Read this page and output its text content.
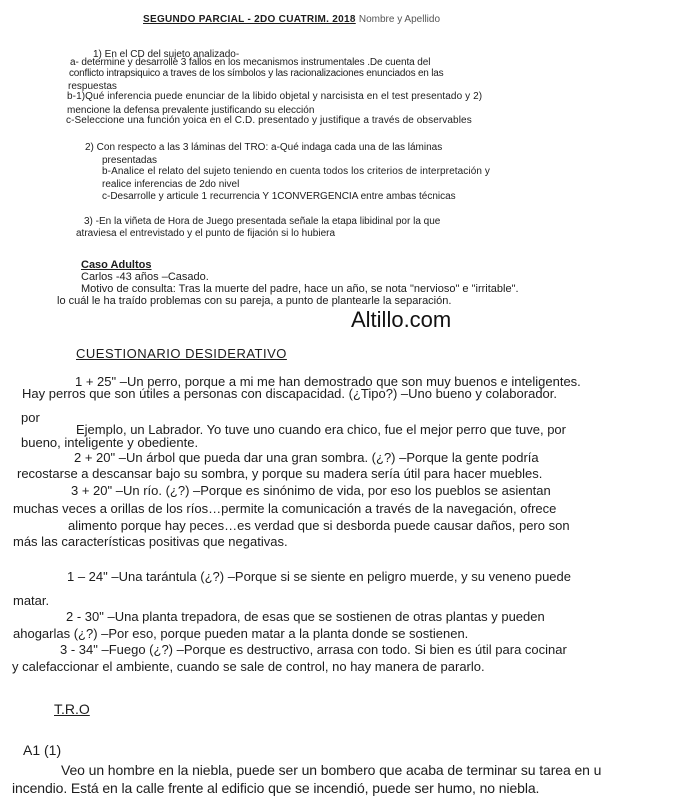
SEGUNDO PARCIAL - 2DO CUATRIM. 2018 Nombre y Apellido
1) En el CD del sujeto analizado-
a- determine y desarrolle 3 fallos en los mecanismos instrumentales .De cuenta del
conflicto intrapsiquico a traves de los símbolos y las racionalizaciones enunciados en las
respuestas
b-1)Qué inferencia puede enunciar de la libido objetal y narcisista en el test presentado y 2)
mencione la defensa prevalente justificando su elección
c-Seleccione una función yoica en el C.D. presentado y justifique a través de observables
2) Con respecto a las 3 láminas del TRO: a-Qué indaga cada una de las láminas
presentadas
b-Analice el relato del sujeto teniendo en cuenta todos los criterios de interpretación y
realice inferencias de 2do nivel
c-Desarrolle y articule 1 recurrencia Y 1CONVERGENCIA entre ambas técnicas
3) -En la viñeta de Hora de Juego presentada señale la etapa libidinal por la que
atraviesa el entrevistado y el punto de fijación si lo hubiera
Caso Adultos
Carlos -43 años –Casado.
Motivo de consulta: Tras la muerte del padre, hace un año, se nota "nervioso" e "irritable".
lo cuál le ha traído problemas con su pareja, a punto de plantearle la separación.
Altillo.com
CUESTIONARIO DESIDERATIVO
1 + 25" –Un perro, porque a mi me han demostrado que son muy buenos e inteligentes.
Hay perros que son útiles a personas con discapacidad. (¿Tipo?) –Uno bueno y colaborador.
por
Ejemplo, un Labrador. Yo tuve uno cuando era chico, fue el mejor perro que tuve, por
bueno, inteligente y obediente.
2 + 20" –Un árbol que pueda dar una gran sombra. (¿?) –Porque la gente podría
recostarse a descansar bajo su sombra, y porque su madera sería útil para hacer muebles.
3 + 20" –Un río. (¿?) –Porque es sinónimo de vida, por eso los pueblos se asientan
muchas veces a orillas de los ríos…permite la comunicación a través de la navegación, ofrece
alimento porque hay peces…es verdad que si desborda puede causar daños, pero son
más las características positivas que negativas.
1 – 24" –Una tarántula (¿?) –Porque si se siente en peligro muerde, y su veneno puede
matar.
2 - 30" –Una planta trepadora, de esas que se sostienen de otras plantas y pueden
ahogarlas (¿?) –Por eso, porque pueden matar a la planta donde se sostienen.
3 - 34" –Fuego (¿?) –Porque es destructivo, arrasa con todo. Si bien es útil para cocinar
y calefaccionar el ambiente, cuando se sale de control, no hay manera de pararlo.
T.R.O
A1 (1)
Veo un hombre en la niebla, puede ser un bombero que acaba de terminar su tarea en u
incendio. Está en la calle frente al edificio que se incendió, puede ser humo, no niebla.
